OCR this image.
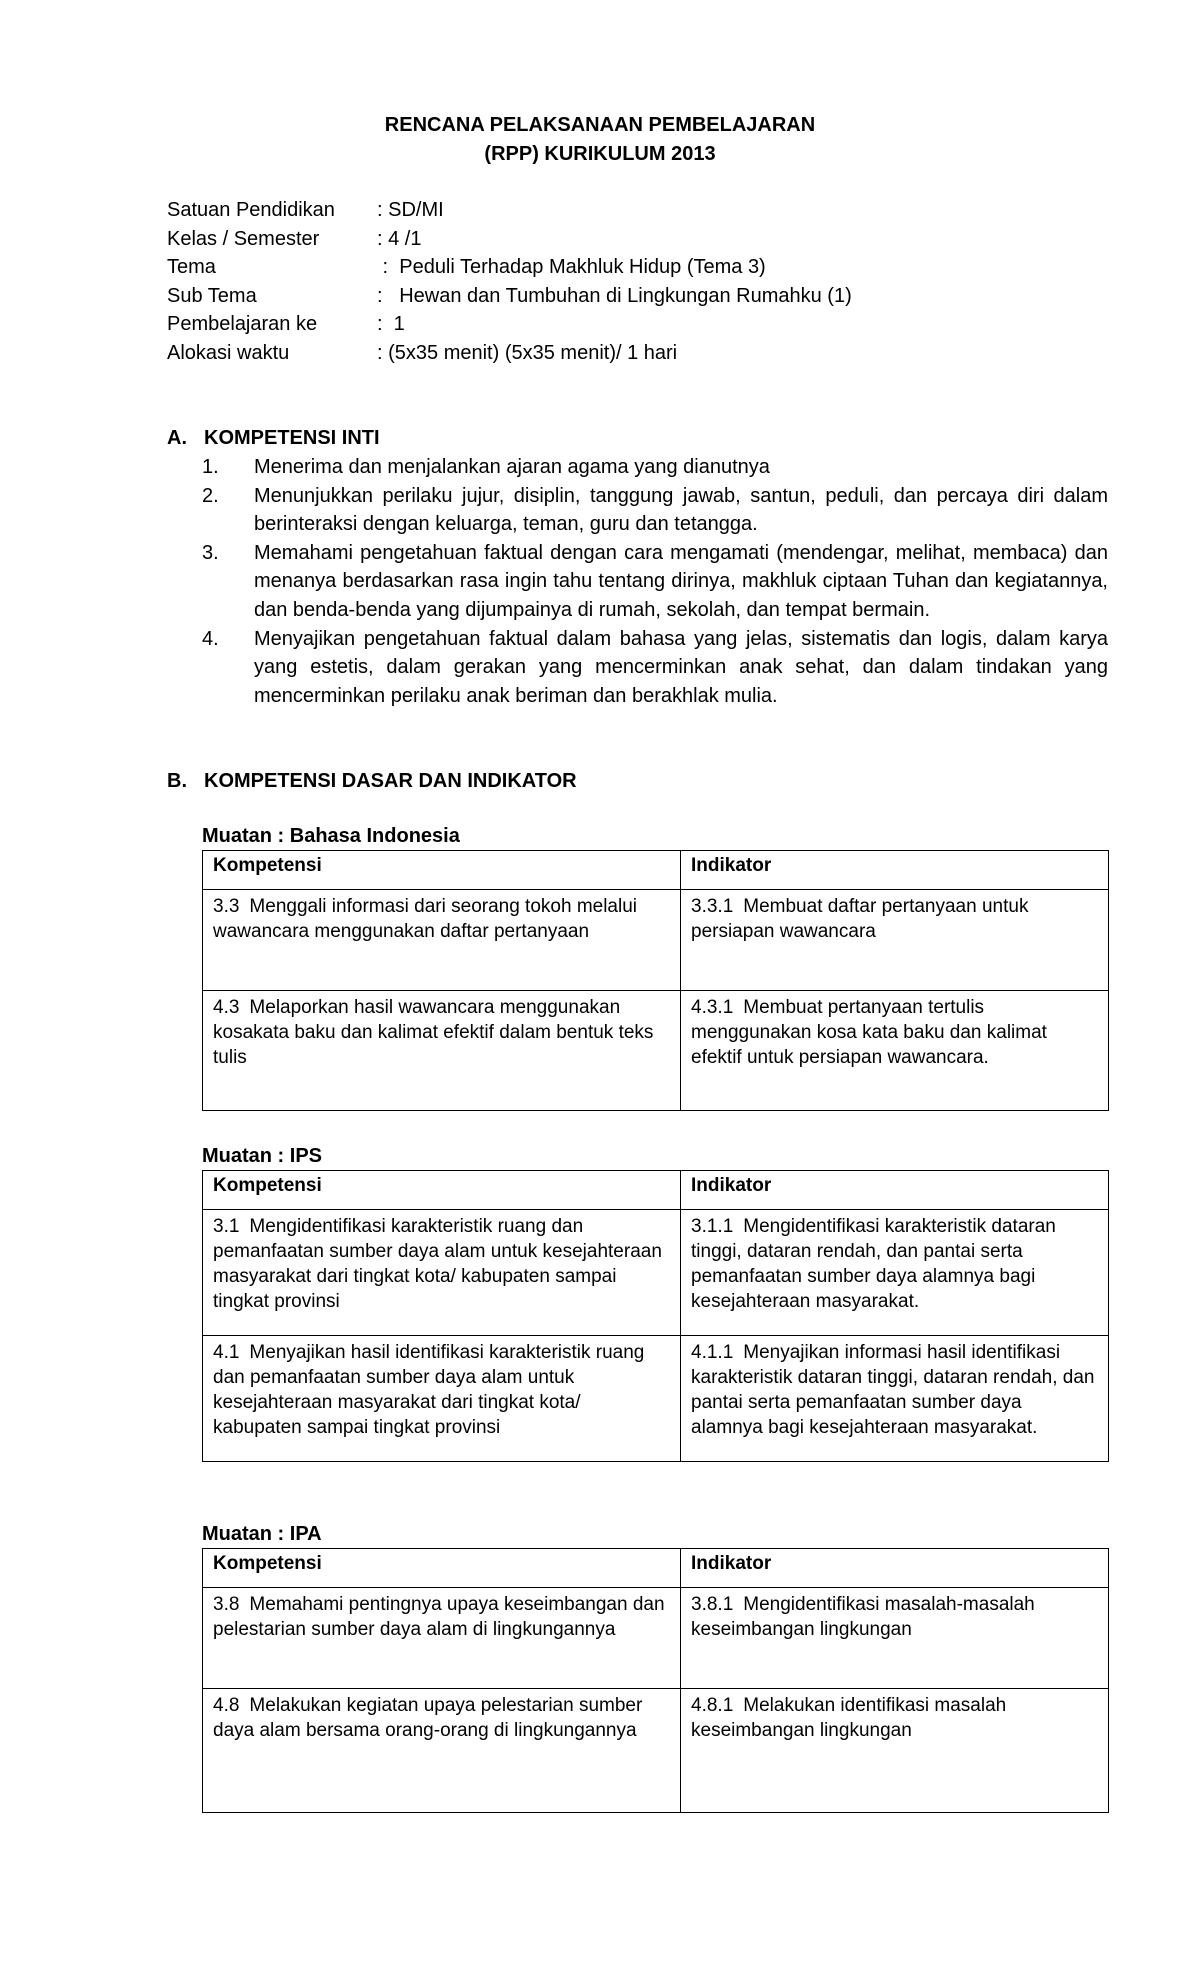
RENCANA PELAKSANAAN PEMBELAJARAN
(RPP) KURIKULUM 2013
Satuan Pendidikan : SD/MI
Kelas / Semester	: 4 /1
Tema	:  Peduli Terhadap Makhluk Hidup (Tema 3)
Sub Tema	:   Hewan dan Tumbuhan di Lingkungan Rumahku (1)
Pembelajaran ke	:  1
Alokasi waktu	: (5x35 menit) (5x35 menit)/ 1 hari
A. KOMPETENSI INTI
1. Menerima dan menjalankan ajaran agama yang dianutnya
2. Menunjukkan perilaku jujur, disiplin, tanggung jawab, santun, peduli, dan percaya diri dalam berinteraksi dengan keluarga, teman, guru dan tetangga.
3. Memahami pengetahuan faktual dengan cara mengamati (mendengar, melihat, membaca) dan menanya berdasarkan rasa ingin tahu tentang dirinya, makhluk ciptaan Tuhan dan kegiatannya, dan benda-benda yang dijumpainya di rumah, sekolah, dan tempat bermain.
4. Menyajikan pengetahuan faktual dalam bahasa yang jelas, sistematis dan logis, dalam karya yang estetis, dalam gerakan yang mencerminkan anak sehat, dan dalam tindakan yang mencerminkan perilaku anak beriman dan berakhlak mulia.
B. KOMPETENSI DASAR DAN INDIKATOR
Muatan : Bahasa Indonesia
Kompetensi	Indikator
3.3 Menggali informasi dari seorang tokoh melalui wawancara menggunakan daftar pertanyaan	3.3.1 Membuat daftar pertanyaan untuk persiapan wawancara
4.3 Melaporkan hasil wawancara menggunakan kosakata baku dan kalimat efektif dalam bentuk teks tulis	4.3.1 Membuat pertanyaan tertulis menggunakan kosa kata baku dan kalimat efektif untuk persiapan wawancara.
Muatan : IPS
Kompetensi	Indikator
3.1 Mengidentifikasi karakteristik ruang dan pemanfaatan sumber daya alam untuk kesejahteraan masyarakat dari tingkat kota/ kabupaten sampai tingkat provinsi	3.1.1 Mengidentifikasi karakteristik dataran tinggi, dataran rendah, dan pantai serta pemanfaatan sumber daya alamnya bagi kesejahteraan masyarakat.
4.1 Menyajikan hasil identifikasi karakteristik ruang dan pemanfaatan sumber daya alam untuk kesejahteraan masyarakat dari tingkat kota/ kabupaten sampai tingkat provinsi	4.1.1 Menyajikan informasi hasil identifikasi karakteristik dataran tinggi, dataran rendah, dan pantai serta pemanfaatan sumber daya alamnya bagi kesejahteraan masyarakat.
Muatan : IPA
Kompetensi	Indikator
3.8 Memahami pentingnya upaya keseimbangan dan pelestarian sumber daya alam di lingkungannya	3.8.1 Mengidentifikasi masalah-masalah keseimbangan lingkungan
4.8 Melakukan kegiatan upaya pelestarian sumber daya alam bersama orang-orang di lingkungannya	4.8.1 Melakukan identifikasi masalah keseimbangan lingkungan
